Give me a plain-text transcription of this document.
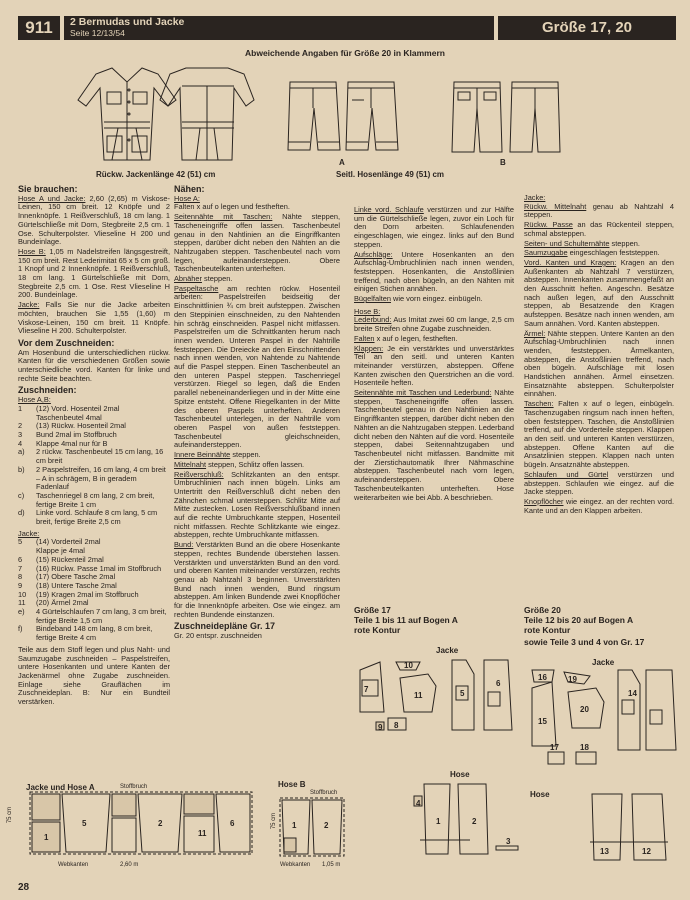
911	2 Bermudas und Jacke
Seite 12/13/54	Größe 17, 20
Abweichende Angaben für Größe 20 in Klammern
A	B
Rückw. Jackenlänge 42 (51) cm	Seitl. Hosenlänge 49 (51) cm
Sie brauchen:

Hose A und Jacke: 2,60 (2,65) m Viskose-Leinen, 150 cm breit. 12 Knöpfe und 2 Innenknöpfe. 1 Reißverschluß, 18 cm lang. 1 Gürtelschließe mit Dorn, Stegbreite 2,5 cm. 1 Ose. Schulterpolster. Vlieseline H 200 und Bundeinlage.

Hose B: 1,05 m Nadelstreifen längsgestreift, 150 cm breit. Rest Lederimitat 65 x 5 cm groß. 1 Knopf und 2 Innenknöpfe. 1 Reißverschluß, 18 cm lang. 1 Gürtelschließe mit Dorn, Stegbreite 2,5 cm. 1 Ose. Rest Vlieseline H 200. Bundeinlage.

Jacke: Falls Sie nur die Jacke arbeiten möchten, brauchen Sie 1,55 (1,60) m Viskose-Leinen, 150 cm breit. 11 Knöpfe. Vlieseline H 200. Schulterpolster.

Vor dem Zuschneiden:

Am Hosenbund die unterschiedlichen rückw. Kanten für die verschiedenen Größen sowie unterschiedliche vord. Kanten für linke und rechte Seite beachten.

Zuschneiden:
Hose A,B:
1	(12) Vord. Hosenteil 2mal
Taschenbeutel 4mal
2	(13) Rückw. Hosenteil 2mal
3	Bund 2mal im Stoffbruch
4	Klappe 4mal nur für B
a)	2 rückw. Taschenbeutel 15 cm lang, 16 cm breit
b)	2 Paspelstreifen, 16 cm lang, 4 cm breit – A in schrägem, B in geradem Fadenlauf
c)	Taschenriegel 8 cm lang, 2 cm breit, fertige Breite 1 cm
d)	Linke vord. Schlaufe 8 cm lang, 5 cm breit, fertige Breite 2,5 cm
Jacke:
5	(14) Vorderteil 2mal
Klappe je 4mal
6	(15) Rückenteil 2mal
7	(16) Rückw. Passe 1mal im Stoffbruch
8	(17) Obere Tasche 2mal
9	(18) Untere Tasche 2mal
10	(19) Kragen 2mal im Stoffbruch
11	(20) Ärmel 2mal
e)	4 Gürtelschlaufen 7 cm lang, 3 cm breit, fertige Breite 1,5 cm
f)	Bindeband 148 cm lang, 8 cm breit, fertige Breite 4 cm

Teile aus dem Stoff legen und plus Naht- und Saumzugabe zuschneiden – Paspelstreifen, untere Hosenkanten und untere Kanten der Jackenärmel ohne Zugabe zuschneiden. Einlage siehe Grauflächen im Zuschneideplan. B: Nur ein Bundteil verstärken.

Nähen:
Hose A:

Falten x auf o legen und festheften.

Seitennähte mit Taschen: Nähte steppen, Tascheneingriffe offen lassen. Taschenbeutel genau in den Nahtlinien an die Eingriffkanten steppen, darüber dicht neben den Nähten an die Nahtzugaben steppen. Taschenbeutel nach vorn legen, aufeinandersteppen. Obere Taschenbeutelkanten unterheften.

Abnäher steppen.

Paspeltasche am rechten rückw. Hosenteil arbeiten: Paspelstreifen beidseitig der Einschnittlinien ¾ cm breit aufsteppen. Zwischen den Steppinien einschneiden, zu den Nahtenden hin schräg einschneiden. Paspel nicht mitfassen. Paspelstreifen um die Schnittkanten herum nach innen wenden. Unteren Paspel in der Nahtrille feststeppen. Die Dreiecke an den Einschnittenden nach innen wenden, von Nahtende zu Nahtende auf die Paspel steppen. Einen Taschenbeutel an den unteren Paspel steppen. Taschenriegel verstürzen. Riegel so legen, daß die Enden parallel nebeneinanderliegen und in der Mitte eine Spitze entsteht. Offene Riegelkanten in der Mitte des oberen Paspels unterheften. Anderen Taschenbeutel unterlegen, in der Nahtrille vom oberen Paspel von außen feststeppen. Taschenbeutel gleichschneiden, aufeinandersteppen.

Innere Beinnähte steppen.

Mittelnaht steppen, Schlitz offen lassen.

Reißverschluß: Schlitzkanten an den entspr. Umbruchlinien nach innen bügeln. Links am Untertritt den Reißverschluß dicht neben den Zähnchen schmal untersteppen. Schlitz Mitte auf Mitte zustecken. Losen Reißverschlußband innen auf die rechte Umbruchkante steppen, Hosenteil nicht mitfassen. Rechte Schlitzkante wie eingez. absteppen, rechte Umbruchkante mitfassen.

Bund: Verstärkten Bund an die obere Hosenkante steppen, rechtes Bundende überstehen lassen. Verstärkten und unverstärkten Bund an den vord. und oberen Kanten miteinander verstürzen, rechts genau ab Nahtzahl 3 beginnen. Unverstärkten Bund nach innen wenden, Bund ringsum absteppen. Am linken Bundende zwei Knopflöcher für die Innenknöpfe arbeiten. Ose wie eingez. am rechten Bundende einstanzen.

Zuschneidepläne Gr. 17

Gr. 20 entspr. zuschneiden

Linke vord. Schlaufe verstürzen und zur Hälfte um die Gürtelschließe legen, zuvor ein Loch für den Dorn arbeiten. Schlaufenenden eingeschlagen, wie eingez. links auf den Bund steppen.

Aufschläge: Untere Hosenkanten an den Aufschlag-Umbruchlinien nach innen wenden, feststeppen. Hosenkanten, die Anstoßlinien treffend, nach oben bügeln, an den Nähten mit einigen Stichen annähen.

Bügelfalten wie vorn eingez. einbügeln.

Hose B:

Lederbund: Aus Imitat zwei 60 cm lange, 2,5 cm breite Streifen ohne Zugabe zuschneiden.

Falten x auf o legen, festheften.

Klappen: Je ein verstärktes und unverstärktes Teil an den seitl. und unteren Kanten miteinander verstürzen, absteppen. Offene Kanten zwischen den Querstrichen an die vord. Hosenteile heften.

Seitennähte mit Taschen und Lederbund: Nähte steppen, Tascheneingriffe offen lassen. Taschenbeutel genau in den Nahtlinien an die Eingriffkanten steppen, darüber dicht neben den Nähten an die Nahtzugaben steppen. Lederband dicht neben den Nähten auf die vord. Hosenteile steppen, dabei Seitennahtzugaben und Taschenbeutel nicht mitfassen. Bandmitte mit der Zierstichautomatik Ihrer Nähmaschine absteppen. Taschenbeutel nach vorn legen, aufeinandersteppen. Obere Taschenbeutelkanten unterheften. Hose weiterarbeiten wie bei Abb. A beschrieben.

Jacke:

Rückw. Mittelnaht genau ab Nahtzahl 4 steppen.

Rückw. Passe an das Rückenteil steppen, schmal absteppen.

Seiten- und Schulternähte steppen.

Saumzugabe eingeschlagen feststeppen.

Vord. Kanten und Kragen: Kragen an den Außenkanten ab Nahtzahl 7 verstürzen, absteppen. Innenkanten zusammengefaßt an den Ausschnitt heften. Angeschn. Besätze nach außen legen, auf den Ausschnitt steppen, ab Besatzende den Kragen aufsteppen. Besätze nach innen wenden, am Saum annähen. Vord. Kanten absteppen.

Ärmel: Nähte steppen. Untere Kanten an den Aufschlag-Umbruchlinien nach innen wenden, feststeppen. Ärmelkanten, absteppen, die Anstoßlinien treffend, nach oben bügeln. Aufschläge mit losen Handstichen annähen. Ärmel einsetzen. Einsatznähte absteppen. Schulterpolster einnähen.

Taschen: Falten x auf o legen, einbügeln. Taschenzugaben ringsum nach innen heften, oben feststeppen. Taschen, die Anstoßlinien treffend, auf die Vorderteile steppen. Klappen an den seitl. und unteren Kanten verstürzen, absteppen. Offene Kanten auf die Ansatzlinien steppen. Klappen nach unten bügeln. Ansatznähte absteppen.

Schlaufen und Gürtel verstürzen und absteppen. Schlaufen wie eingez. auf die Jacke steppen.

Knopflöcher wie eingez. an der rechten vord. Kante und an den Klappen arbeiten.

Jacke und Hose A	Stoffbruch
5
1
2	6
11
75 cm
Webkanten	2,60 m
Hose B
Stoffbruch
1	2
75 cm
Webkanten 1,05 m
Größe 17
Teile 1 bis 11 auf Bogen A
rote Kontur
Jacke
7
10
11	5
6
9 8
Hose
1	2
4
3
Größe 20
Teile 12 bis 20 auf Bogen A
rote Kontur
sowie Teile 3 und 4 von Gr. 17
Jacke
16	19
15
20
14
17	18
Hose
13	12
28
